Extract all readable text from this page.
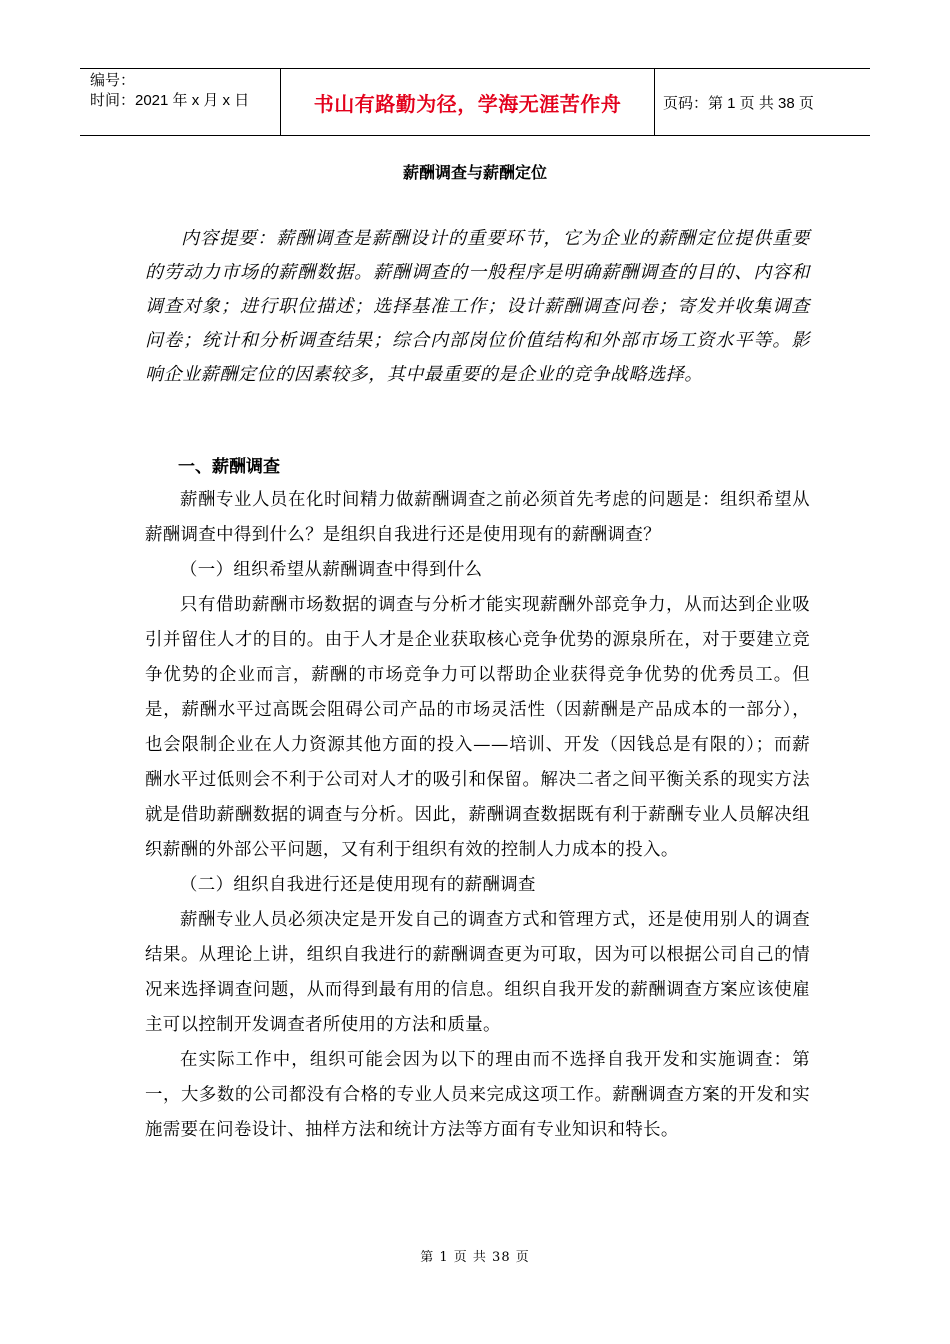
编号：
时间：2021 年 x 月 x 日	书山有路勤为径，学海无涯苦作舟	页码：第 1 页 共 38 页
薪酬调查与薪酬定位
内容提要：薪酬调查是薪酬设计的重要环节，它为企业的薪酬定位提供重要的劳动力市场的薪酬数据。薪酬调查的一般程序是明确薪酬调查的目的、内容和调查对象；进行职位描述；选择基准工作；设计薪酬调查问卷；寄发并收集调查问卷；统计和分析调查结果；综合内部岗位价值结构和外部市场工资水平等。影响企业薪酬定位的因素较多，其中最重要的是企业的竞争战略选择。
一、薪酬调查

薪酬专业人员在化时间精力做薪酬调查之前必须首先考虑的问题是：组织希望从薪酬调查中得到什么？是组织自我进行还是使用现有的薪酬调查？

（一）组织希望从薪酬调查中得到什么

只有借助薪酬市场数据的调查与分析才能实现薪酬外部竞争力，从而达到企业吸引并留住人才的目的。由于人才是企业获取核心竞争优势的源泉所在，对于要建立竞争优势的企业而言，薪酬的市场竞争力可以帮助企业获得竞争优势的优秀员工。但是，薪酬水平过高既会阻碍公司产品的市场灵活性（因薪酬是产品成本的一部分），也会限制企业在人力资源其他方面的投入——培训、开发（因钱总是有限的）；而薪酬水平过低则会不利于公司对人才的吸引和保留。解决二者之间平衡关系的现实方法就是借助薪酬数据的调查与分析。因此，薪酬调查数据既有利于薪酬专业人员解决组织薪酬的外部公平问题，又有利于组织有效的控制人力成本的投入。

（二）组织自我进行还是使用现有的薪酬调查

薪酬专业人员必须决定是开发自己的调查方式和管理方式，还是使用别人的调查结果。从理论上讲，组织自我进行的薪酬调查更为可取，因为可以根据公司自己的情况来选择调查问题，从而得到最有用的信息。组织自我开发的薪酬调查方案应该使雇主可以控制开发调查者所使用的方法和质量。

在实际工作中，组织可能会因为以下的理由而不选择自我开发和实施调查：第一，大多数的公司都没有合格的专业人员来完成这项工作。薪酬调查方案的开发和实施需要在问卷设计、抽样方法和统计方法等方面有专业知识和特长。

第 1 页 共 38 页
